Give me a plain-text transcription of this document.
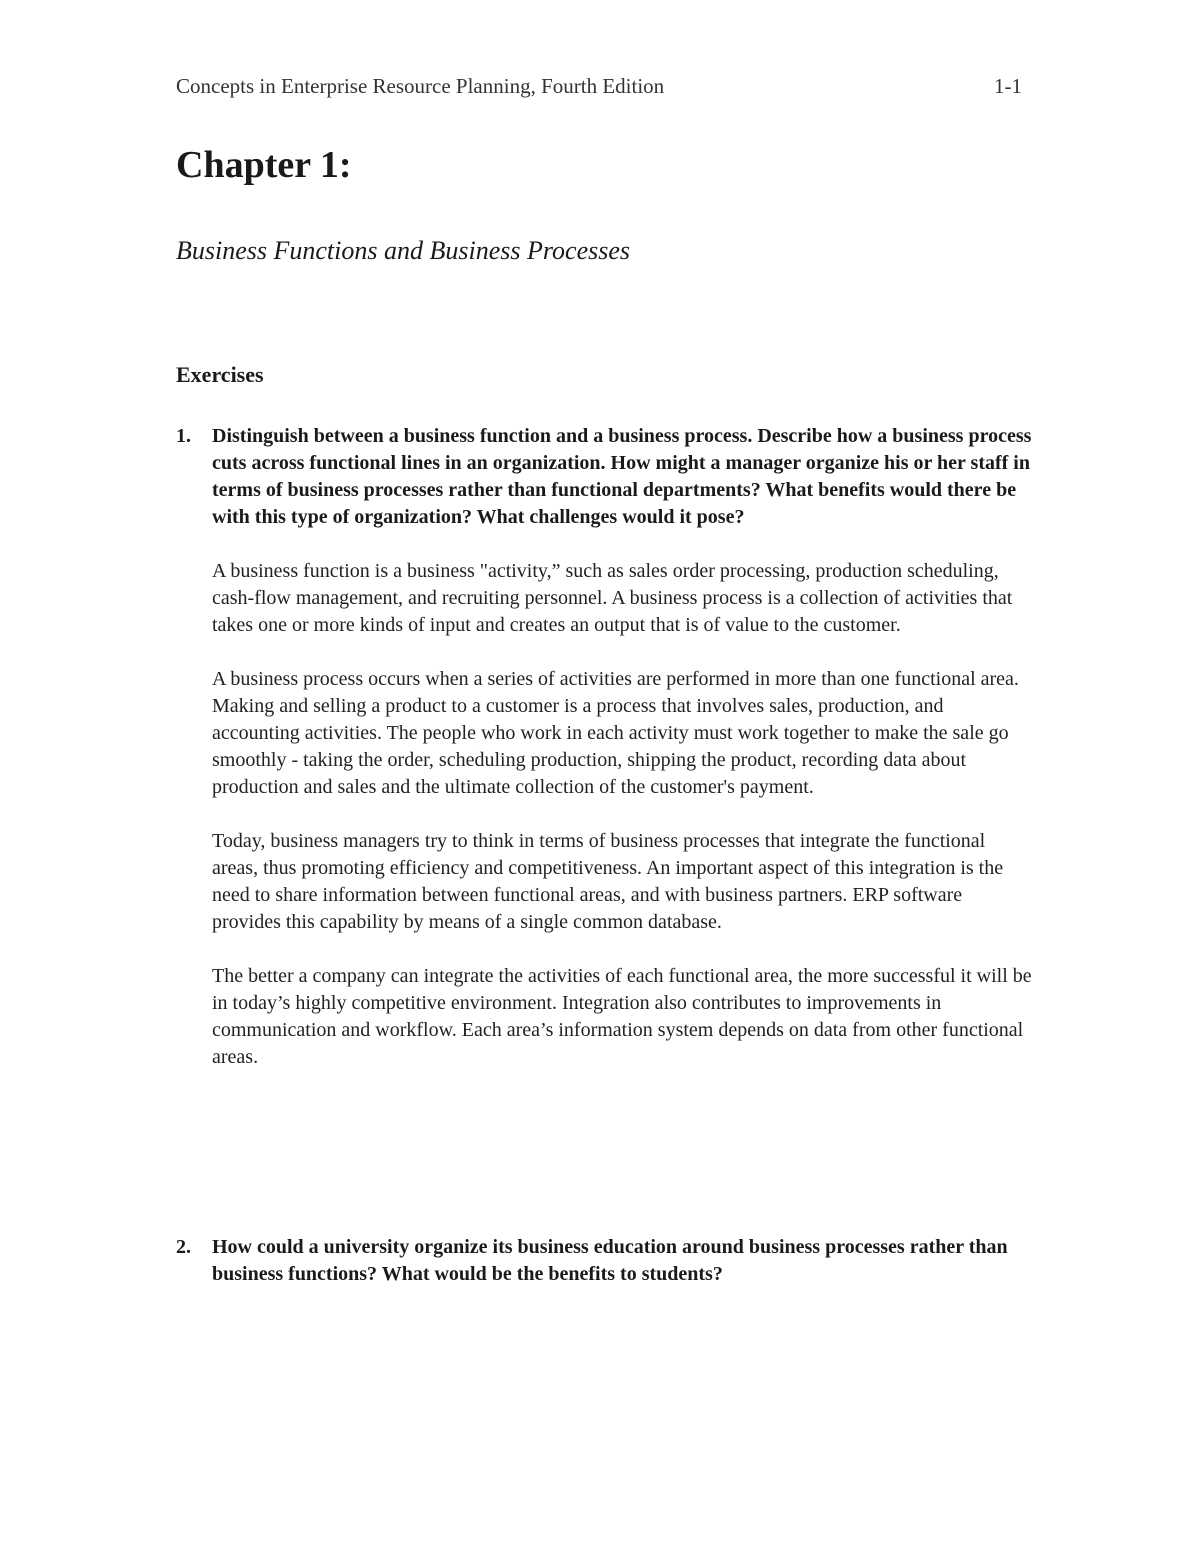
Concepts in Enterprise Resource Planning, Fourth Edition	1-1
Chapter 1:
Business Functions and Business Processes
Exercises
1. Distinguish between a business function and a business process. Describe how a business process cuts across functional lines in an organization. How might a manager organize his or her staff in terms of business processes rather than functional departments? What benefits would there be with this type of organization? What challenges would it pose?

A business function is a business "activity,” such as sales order processing, production scheduling, cash-flow management, and recruiting personnel. A business process is a collection of activities that takes one or more kinds of input and creates an output that is of value to the customer.

A business process occurs when a series of activities are performed in more than one functional area. Making and selling a product to a customer is a process that involves sales, production, and accounting activities. The people who work in each activity must work together to make the sale go smoothly - taking the order, scheduling production, shipping the product, recording data about production and sales and the ultimate collection of the customer's payment.

Today, business managers try to think in terms of business processes that integrate the functional areas, thus promoting efficiency and competitiveness. An important aspect of this integration is the need to share information between functional areas, and with business partners. ERP software provides this capability by means of a single common database.

The better a company can integrate the activities of each functional area, the more successful it will be in today’s highly competitive environment. Integration also contributes to improvements in communication and workflow. Each area’s information system depends on data from other functional areas.

2. How could a university organize its business education around business processes rather than business functions? What would be the benefits to students?
